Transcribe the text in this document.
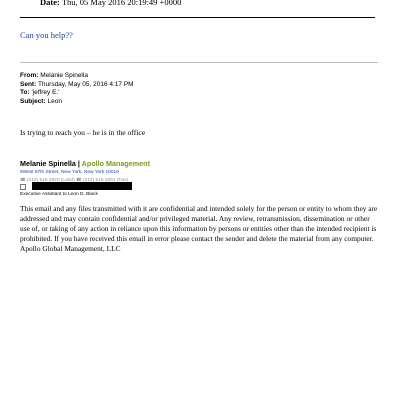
Date: Thu, 05 May 2016 20:19:49 +0000
Can you help??
From: Melanie Spinella
Sent: Thursday, May 05, 2016 4:17 PM
To: 'jeffrey E.'
Subject: Leon
Is trying to reach you – he is in the office
Melanie Spinella | Apollo Management
9West 57th Street, New York, New York 10019
☎ (212) 515 3320 (Land) ☎ (212) 515 3261 (Fax)
Executive Assistant to Leon D. Black
This email and any files transmitted with it are confidential and intended solely for the person or entity to whom they are addressed and may contain confidential and/or privileged material. Any review, retransmission, dissemination or other use of, or taking of any action in reliance upon this information by persons or entities other than the intended recipient is prohibited. If you have received this email in error please contact the sender and delete the material from any computer. Apollo Global Management, LLC
